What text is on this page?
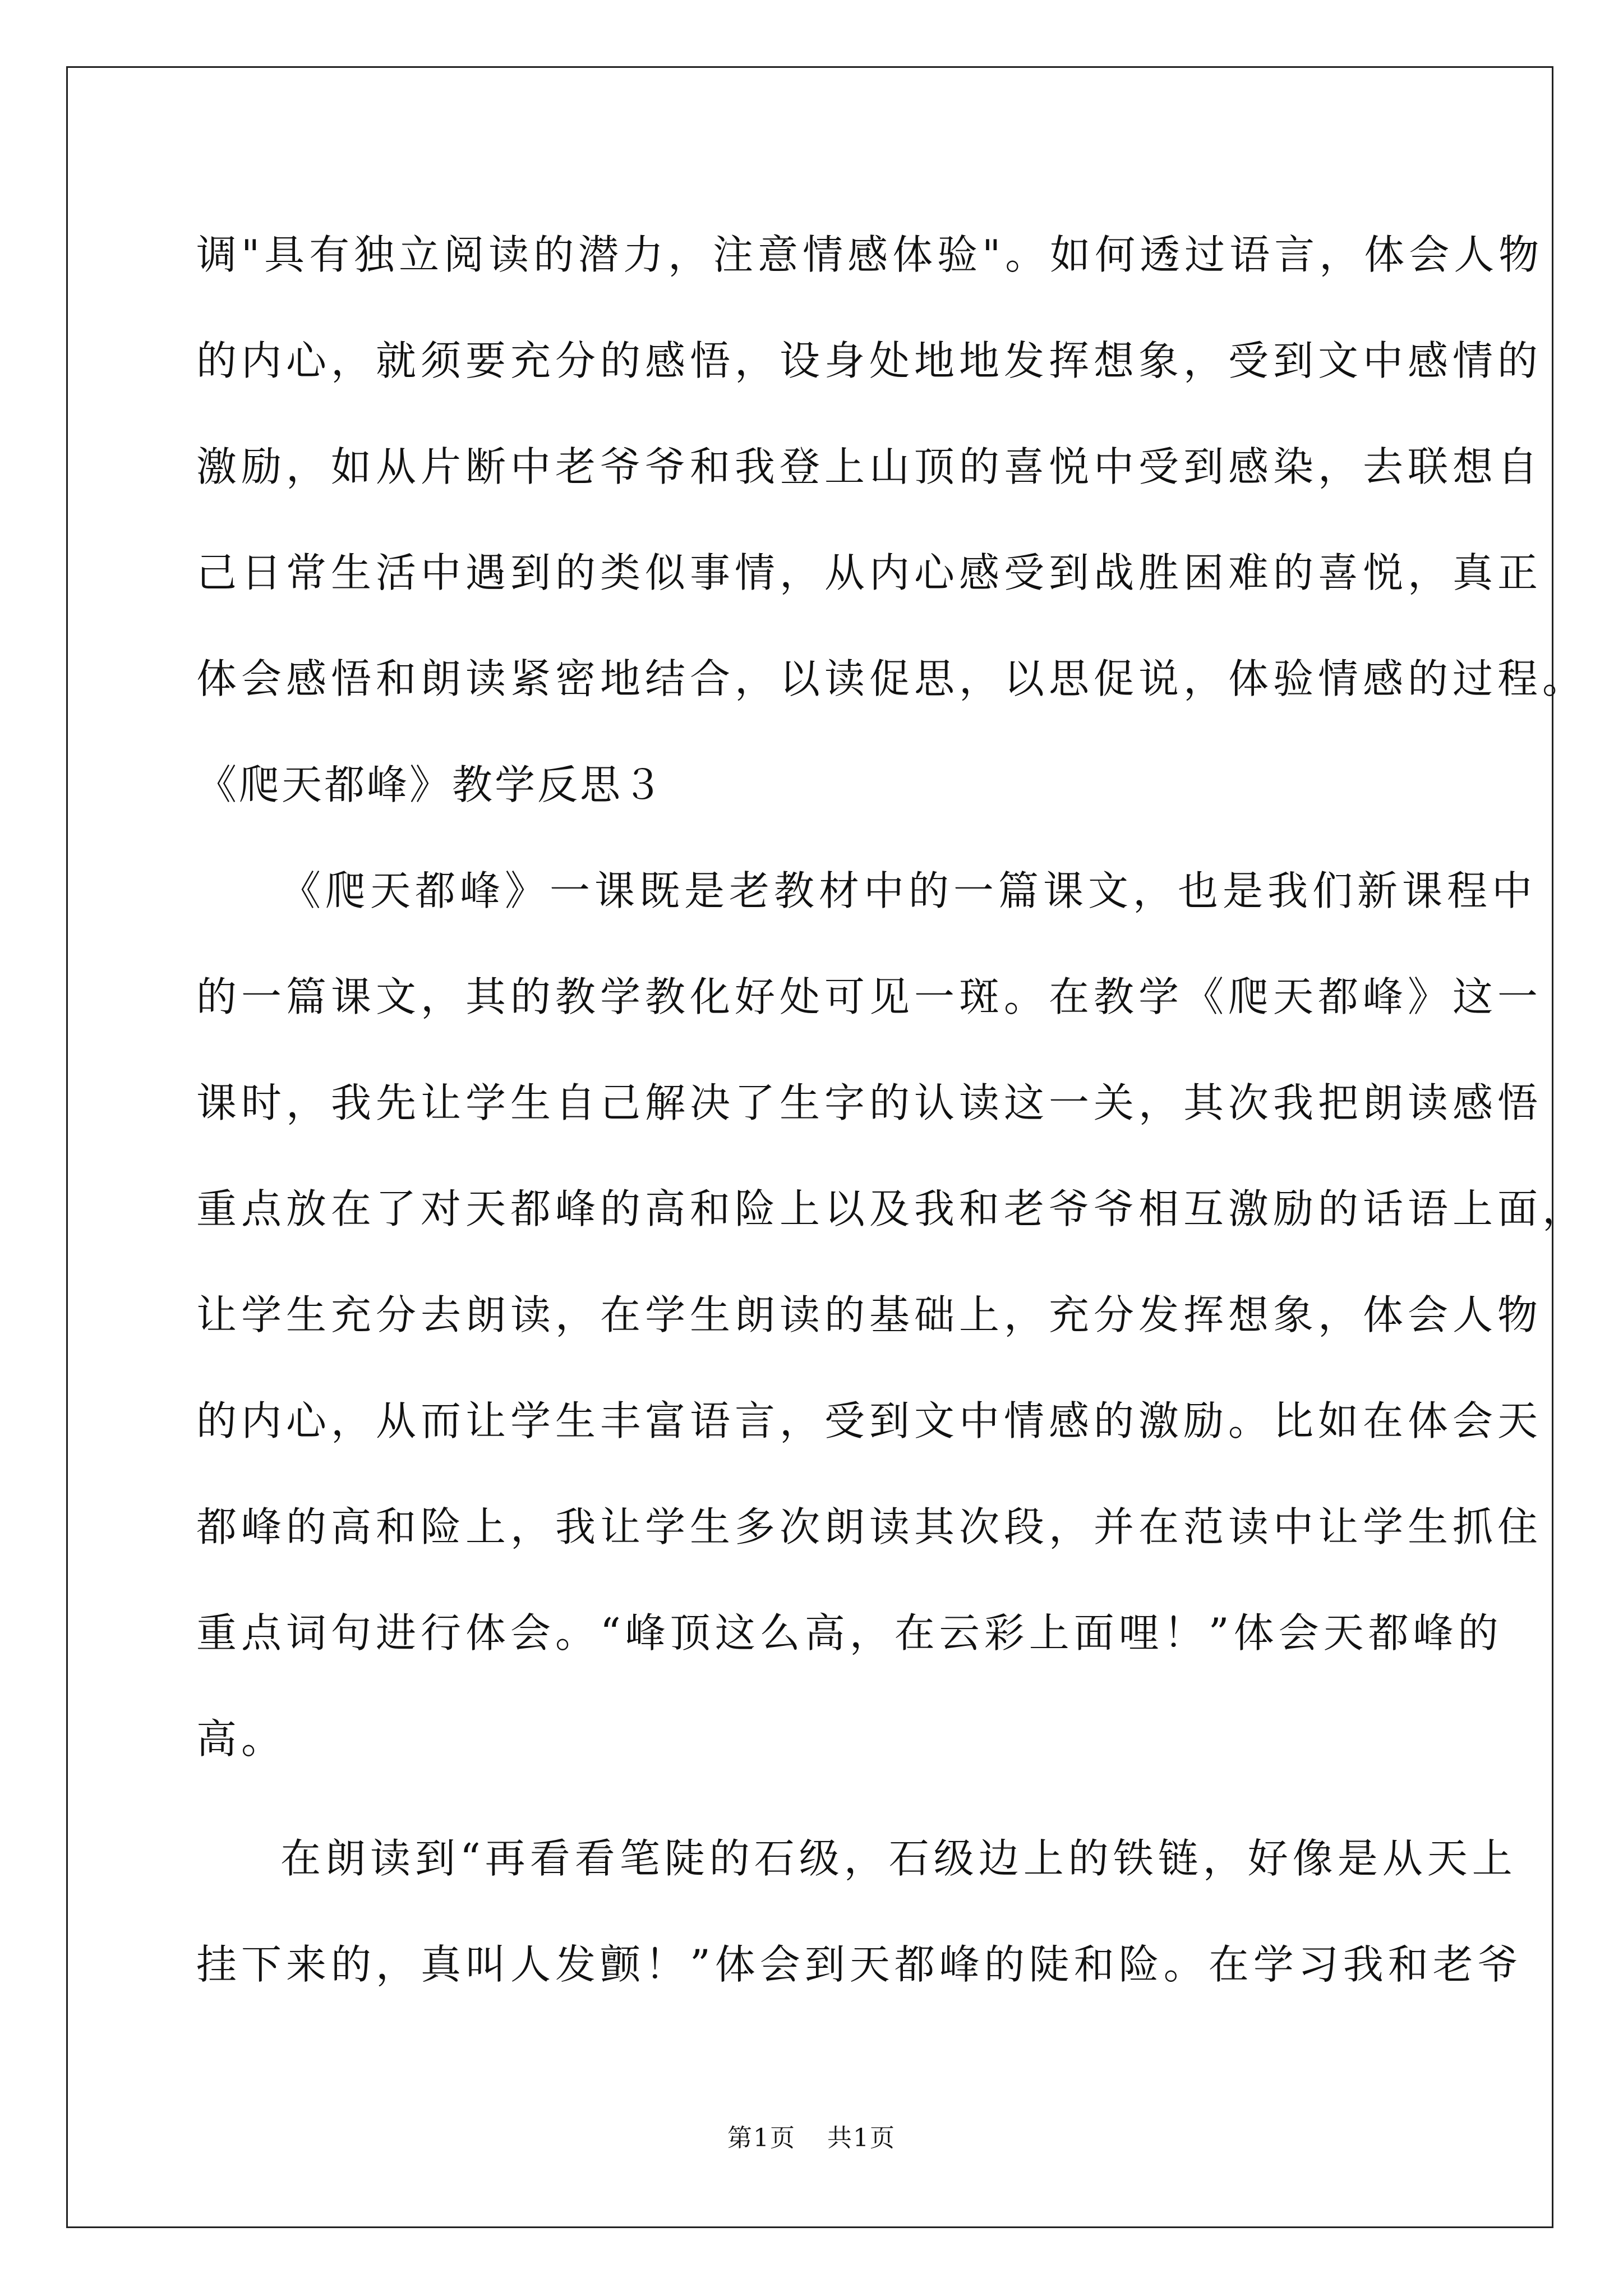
调"具有独立阅读的潜力，注意情感体验"。如何透过语言，体会人物
的内心，就须要充分的感悟，设身处地地发挥想象，受到文中感情的
激励，如从片断中老爷爷和我登上山顶的喜悦中受到感染，去联想自
己日常生活中遇到的类似事情，从内心感受到战胜困难的喜悦，真正
体会感悟和朗读紧密地结合，以读促思，以思促说，体验情感的过程。
《爬天都峰》教学反思３
《爬天都峰》一课既是老教材中的一篇课文，也是我们新课程中
的一篇课文，其的教学教化好处可见一斑。在教学《爬天都峰》这一
课时，我先让学生自己解决了生字的认读这一关，其次我把朗读感悟
重点放在了对天都峰的高和险上以及我和老爷爷相互激励的话语上面，
让学生充分去朗读，在学生朗读的基础上，充分发挥想象，体会人物
的内心，从而让学生丰富语言，受到文中情感的激励。比如在体会天
都峰的高和险上，我让学生多次朗读其次段，并在范读中让学生抓住
重点词句进行体会。“峰顶这么高，在云彩上面哩！”体会天都峰的
高。
在朗读到“再看看笔陡的石级，石级边上的铁链，好像是从天上
挂下来的，真叫人发颤！”体会到天都峰的陡和险。在学习我和老爷
第1页 共1页
